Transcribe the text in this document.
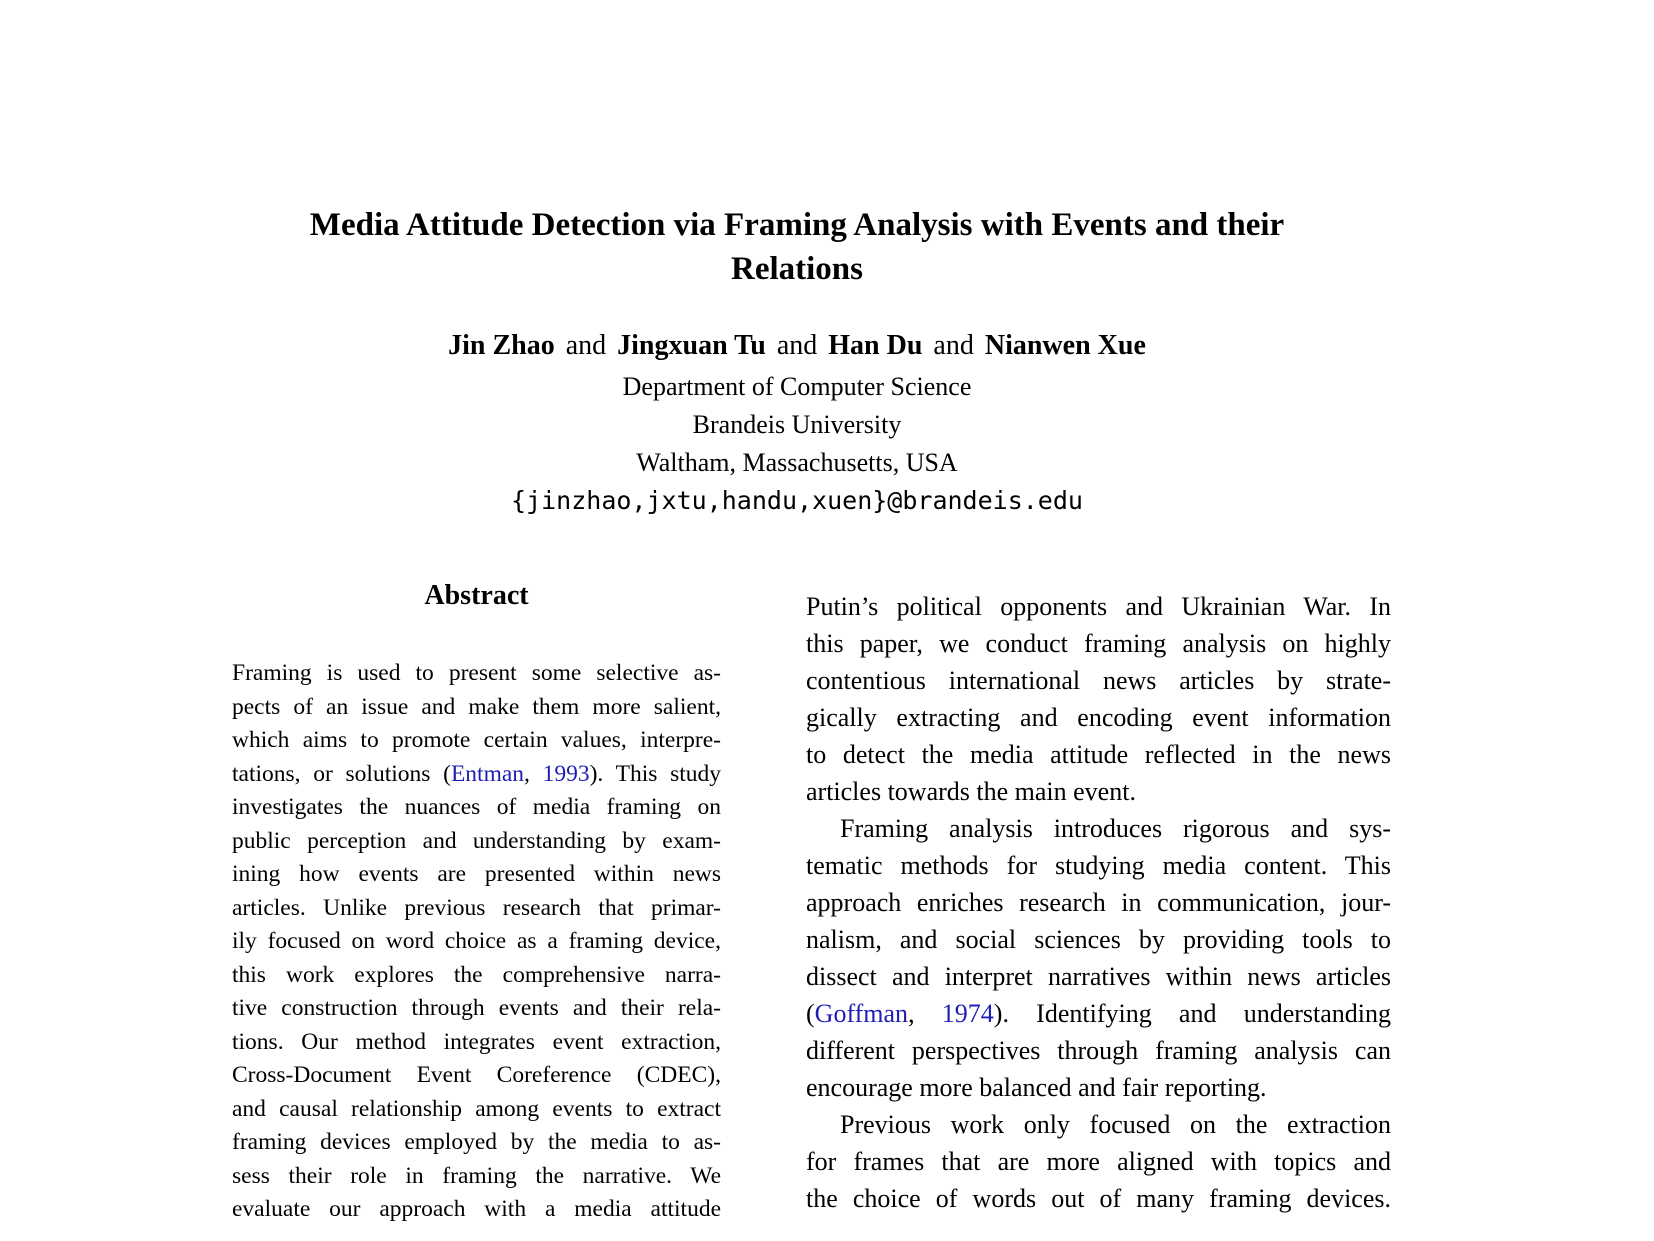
Media Attitude Detection via Framing Analysis with Events and their
Relations
Jin Zhao and Jingxuan Tu and Han Du and Nianwen Xue
Department of Computer Science
Brandeis University
Waltham, Massachusetts, USA
{jinzhao,jxtu,handu,xuen}@brandeis.edu
Abstract
Framing is used to present some selective as-
pects of an issue and make them more salient,
which aims to promote certain values, interpre-
tations, or solutions (Entman, 1993). This study
investigates the nuances of media framing on
public perception and understanding by exam-
ining how events are presented within news
articles. Unlike previous research that primar-
ily focused on word choice as a framing device,
this work explores the comprehensive narra-
tive construction through events and their rela-
tions. Our method integrates event extraction,
Cross-Document Event Coreference (CDEC),
and causal relationship among events to extract
framing devices employed by the media to as-
sess their role in framing the narrative. We
evaluate our approach with a media attitude
Putin’s political opponents and Ukrainian War. In
this paper, we conduct framing analysis on highly
contentious international news articles by strate-
gically extracting and encoding event information
to detect the media attitude reflected in the news
articles towards the main event.
Framing analysis introduces rigorous and sys-
tematic methods for studying media content. This
approach enriches research in communication, jour-
nalism, and social sciences by providing tools to
dissect and interpret narratives within news articles
(Goffman, 1974). Identifying and understanding
different perspectives through framing analysis can
encourage more balanced and fair reporting.
Previous work only focused on the extraction
for frames that are more aligned with topics and
the choice of words out of many framing devices.
